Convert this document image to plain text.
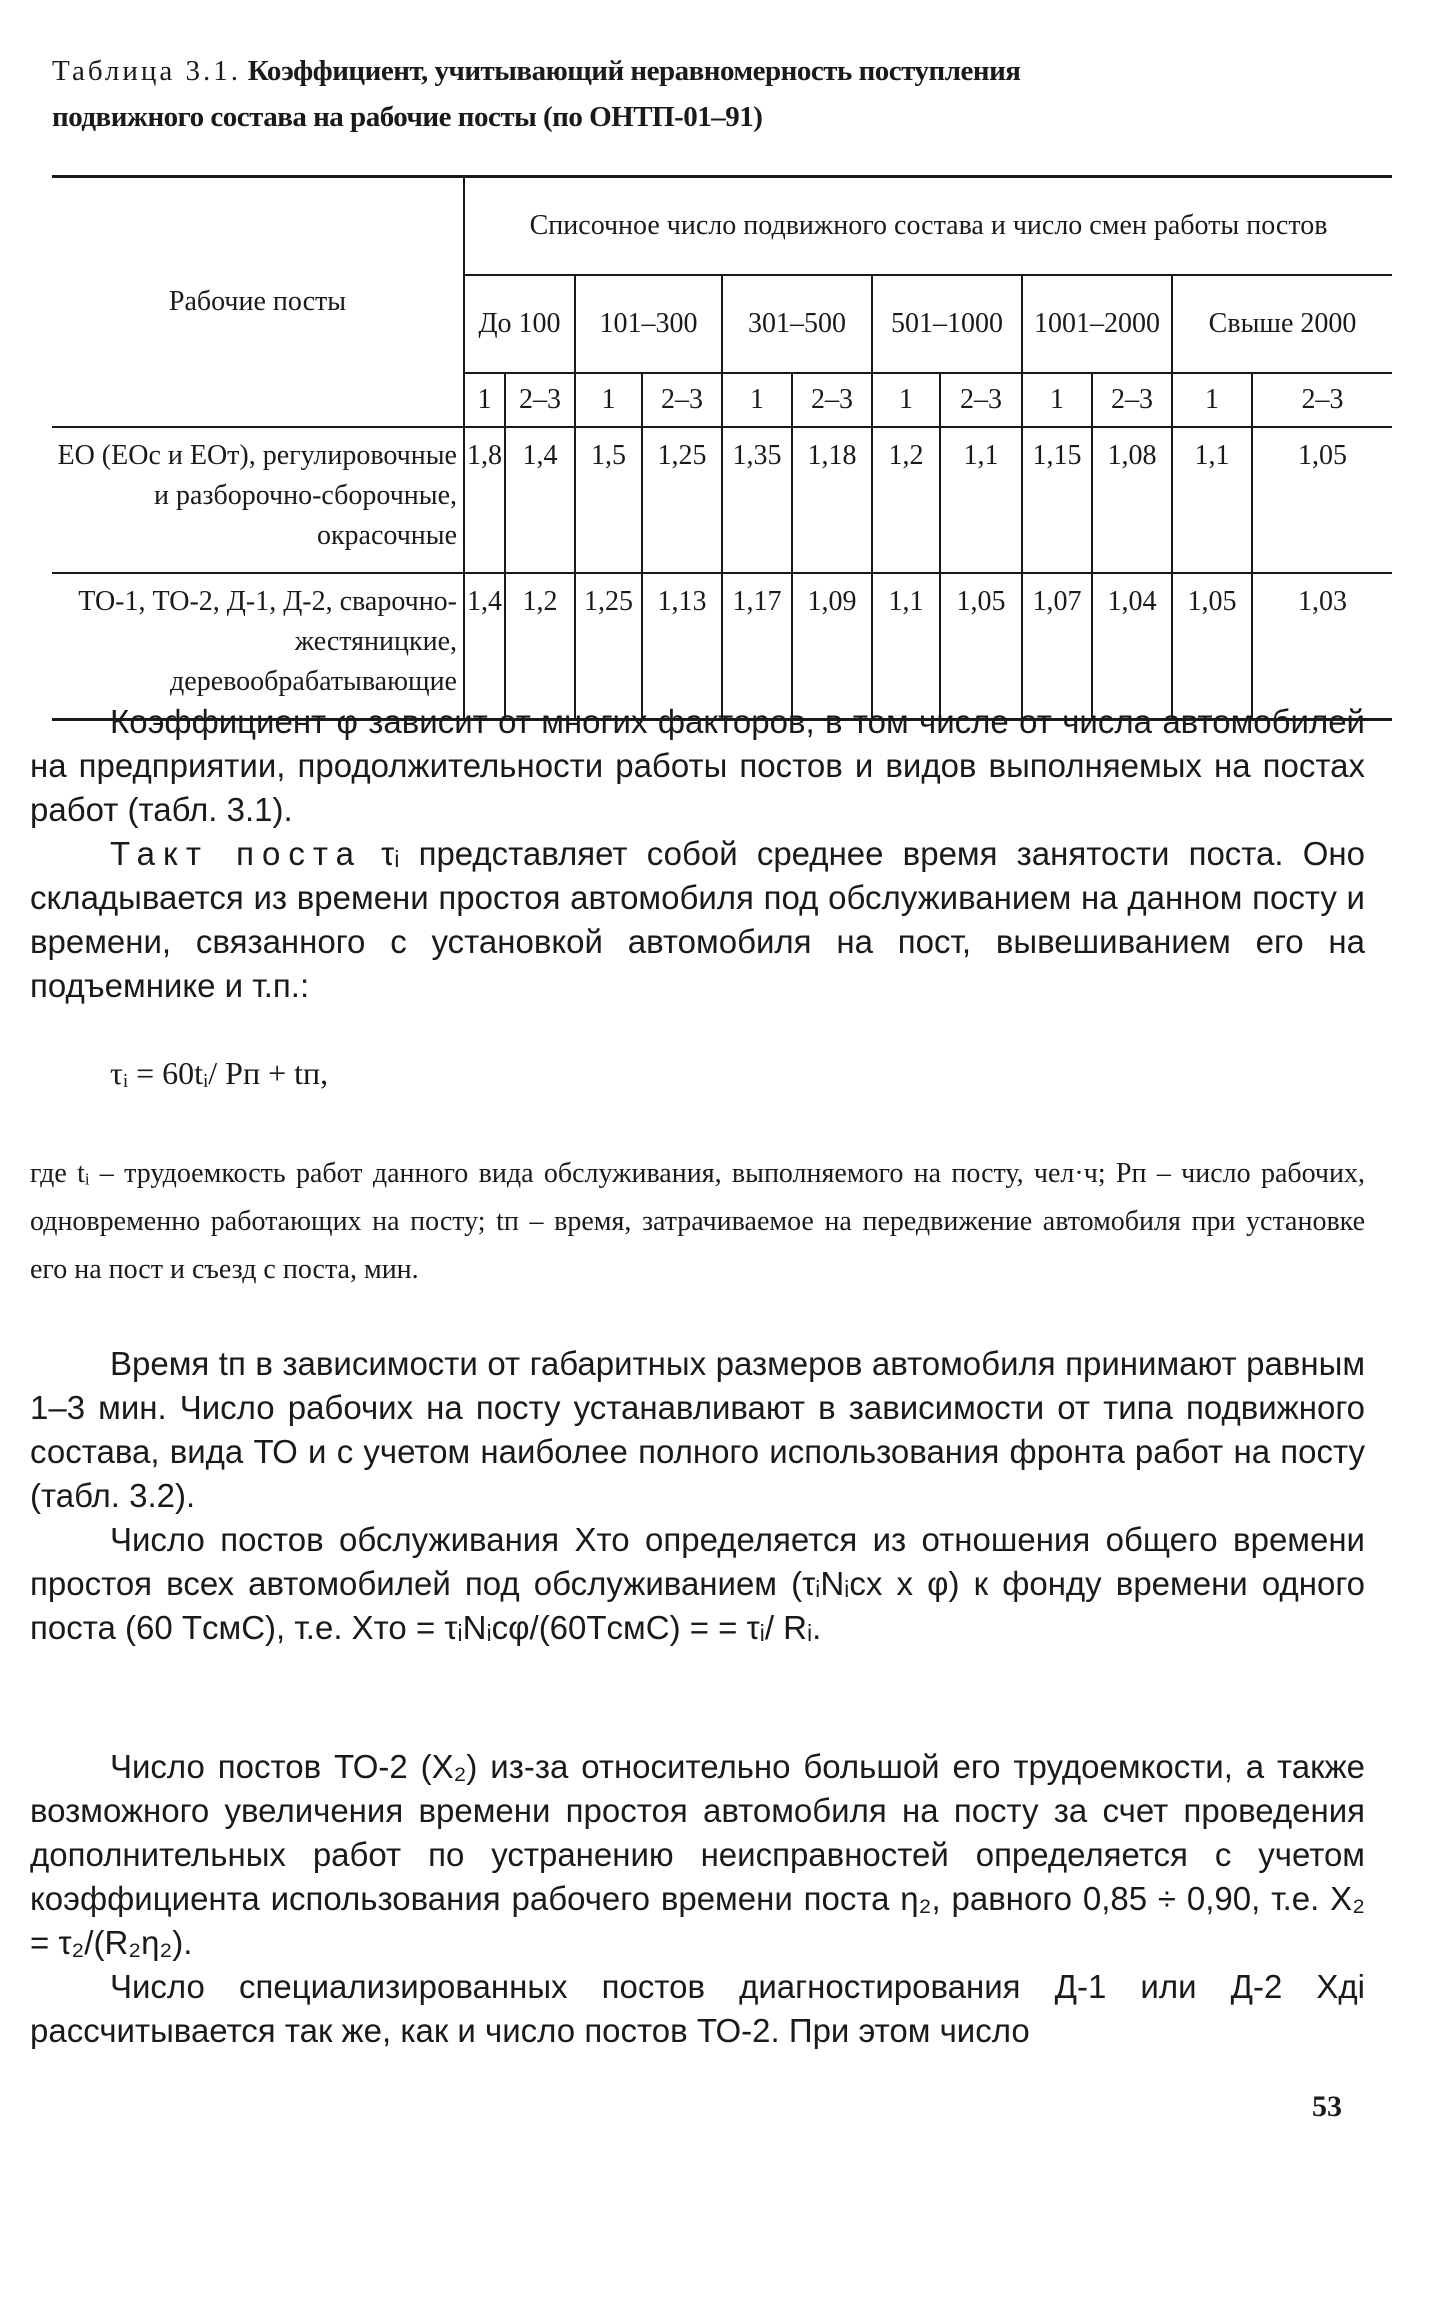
Таблица 3.1. Коэффициент, учитывающий неравномерность поступления подвижного состава на рабочие посты (по ОНТП-01–91)
Рабочие посты	Списочное число подвижного состава и число смен работы постов											
	До 100		101–300		301–500		501–1000		1001–2000		Свыше 2000	
	1	2–3	1	2–3	1	2–3	1	2–3	1	2–3	1	2–3
ЕО (ЕОс и ЕОт), регулировочные и разборочно-сборочные, окрасочные	1,8	1,4	1,5	1,25	1,35	1,18	1,2	1,1	1,15	1,08	1,1	1,05
ТО-1, ТО-2, Д-1, Д-2, сварочно-жестяницкие, деревообрабатывающие	1,4	1,2	1,25	1,13	1,17	1,09	1,1	1,05	1,07	1,04	1,05	1,03

Коэффициент φ зависит от многих факторов, в том числе от числа автомобилей на предприятии, продолжительности работы постов и видов выполняемых на постах работ (табл. 3.1).

Такт поста τᵢ представляет собой среднее время занятости поста. Оно складывается из времени простоя автомобиля под обслуживанием на данном посту и времени, связанного с установкой автомобиля на пост, вывешиванием его на подъемнике и т.п.:

τᵢ = 60tᵢ/ Pп + tп,
где tᵢ – трудоемкость работ данного вида обслуживания, выполняемого на посту, чел·ч; Pп – число рабочих, одновременно работающих на посту; tп – время, затрачиваемое на передвижение автомобиля при установке его на пост и съезд с поста, мин.

Время tп в зависимости от габаритных размеров автомобиля принимают равным 1–3 мин. Число рабочих на посту устанавливают в зависимости от типа подвижного состава, вида ТО и с учетом наиболее полного использования фронта работ на посту (табл. 3.2).

Число постов обслуживания Xто определяется из отношения общего времени простоя всех автомобилей под обслуживанием (τᵢNᵢcх х φ) к фонду времени одного поста (60 TсмC), т.е. Xто = τᵢNᵢcφ/(60TсмC) = = τᵢ/ Rᵢ.

Число постов ТО-2 (X₂) из-за относительно большой его трудоемкости, а также возможного увеличения времени простоя автомобиля на посту за счет проведения дополнительных работ по устранению неисправностей определяется с учетом коэффициента использования рабочего времени поста η₂, равного 0,85 ÷ 0,90, т.е. X₂ = τ₂/(R₂η₂).

Число специализированных постов диагностирования Д-1 или Д-2 Xдi рассчитывается так же, как и число постов ТО-2. При этом число

53
